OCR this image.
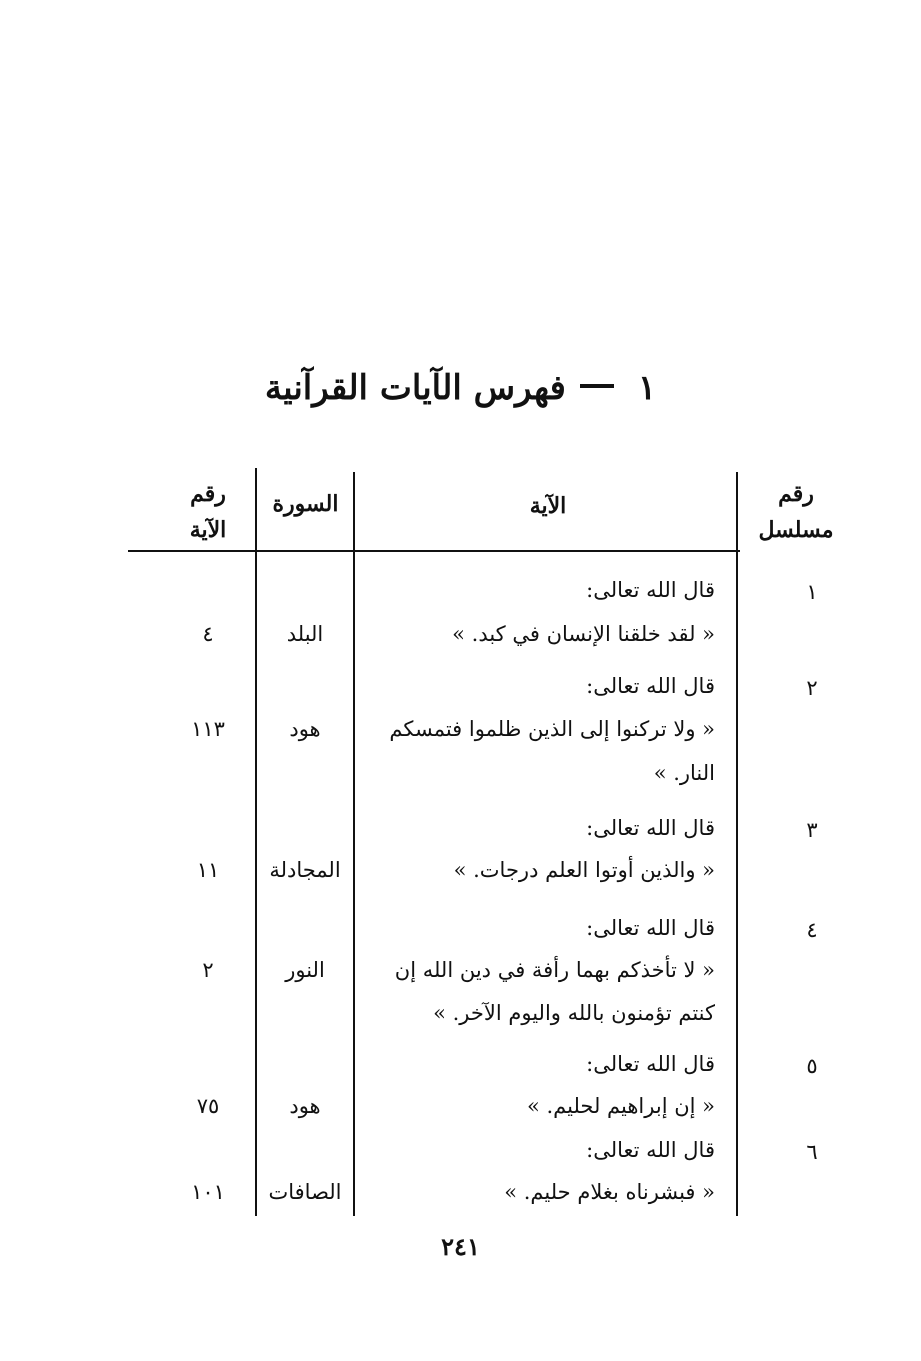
١فهرس الآيات القرآنية
رقم
مسلسل
الآية
السورة
رقم
الآية
١
قال الله تعالى:
« لقد خلقنا الإنسان في كبد. »
البلد
٤
٢
قال الله تعالى:
« ولا تركنوا إلى الذين ظلموا فتمسكم
النار. »
هود
١١٣
٣
قال الله تعالى:
« والذين أوتوا العلم درجات. »
المجادلة
١١
٤
قال الله تعالى:
« لا تأخذكم بهما رأفة في دين الله إن
كنتم تؤمنون بالله واليوم الآخر. »
النور
٢
٥
قال الله تعالى:
« إن إبراهيم لحليم. »
هود
٧٥
٦
قال الله تعالى:
« فبشرناه بغلام حليم. »
الصافات
١٠١
٢٤١
